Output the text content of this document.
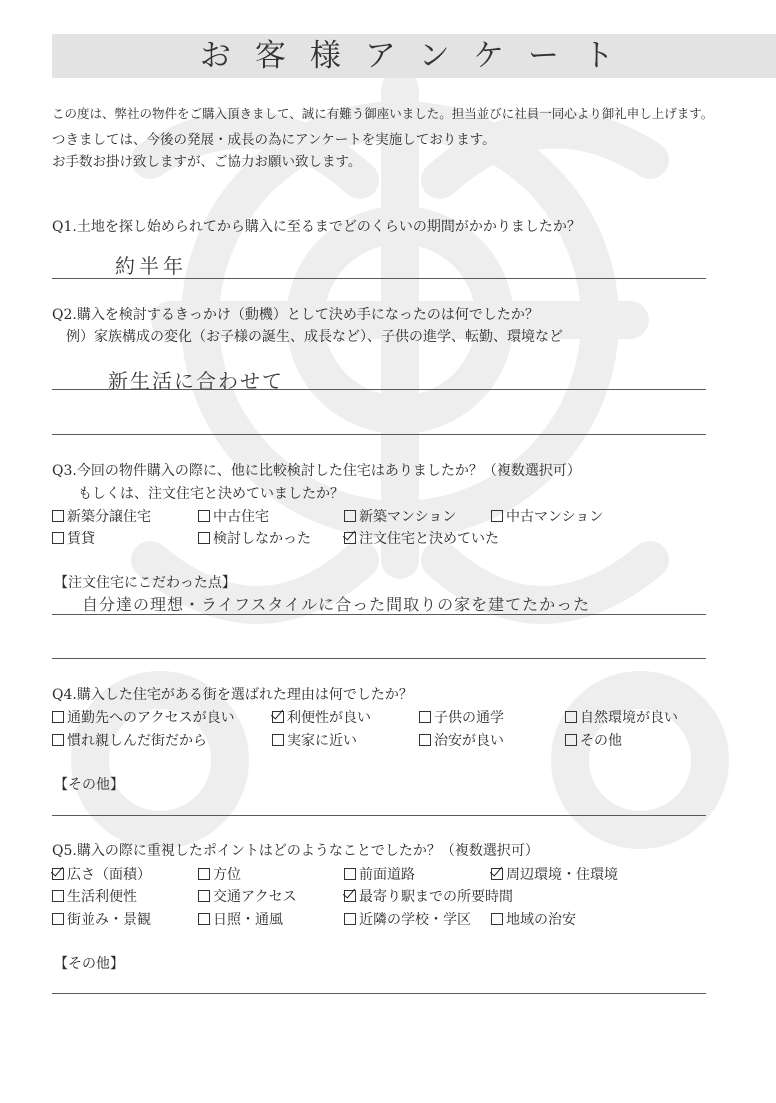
お客様アンケート
この度は、弊社の物件をご購入頂きまして、誠に有難う御座いました。担当並びに社員一同心より御礼申し上げます。
つきましては、今後の発展・成長の為にアンケートを実施しております。
お手数お掛け致しますが、ご協力お願い致します。
Q1.土地を探し始められてから購入に至るまでどのくらいの期間がかかりましたか？
約半年
Q2.購入を検討するきっかけ（動機）として決め手になったのは何でしたか？
例）家族構成の変化（お子様の誕生、成長など）、子供の進学、転勤、環境など
新生活に合わせて
Q3.今回の物件購入の際に、他に比較検討した住宅はありましたか？（複数選択可）
もしくは、注文住宅と決めていましたか？
新築分譲住宅	中古住宅	新築マンション	中古マンション
賃貸	検討しなかった	注文住宅と決めていた
【注文住宅にこだわった点】
自分達の理想・ライフスタイルに合った間取りの家を建てたかった
Q4.購入した住宅がある街を選ばれた理由は何でしたか？
通勤先へのアクセスが良い	利便性が良い	子供の通学	自然環境が良い
慣れ親しんだ街だから	実家に近い	治安が良い	その他
【その他】
Q5.購入の際に重視したポイントはどのようなことでしたか？（複数選択可）
広さ（面積）	方位	前面道路	周辺環境・住環境
生活利便性	交通アクセス	最寄り駅までの所要時間
街並み・景観	日照・通風	近隣の学校・学区	地域の治安
【その他】
